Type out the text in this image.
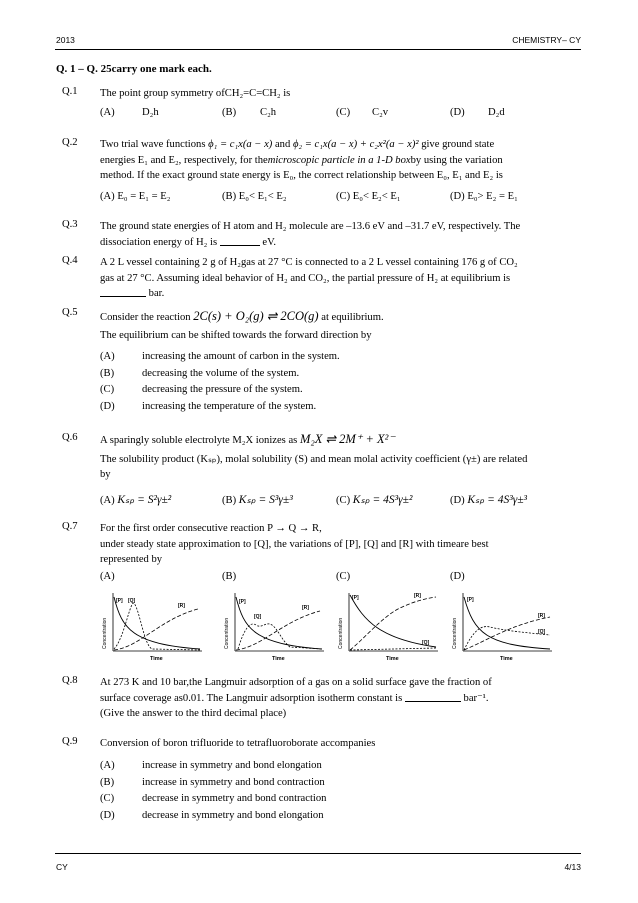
2013	CHEMISTRY– CY
Q. 1 – Q. 25carry one mark each.
Q.1 The point group symmetry ofCH₂=C=CH₂ is
(A)	D₂h	(B) C₂h	(C) C₂v	(D) D₂d
Q.2 Two trial wave functions ϕ₁ = c₁x(a − x) and ϕ₂ = c₁x(a − x) + c₂x²(a − x)² give ground state

energies E₁ and E₂, respectively, for themicroscopic particle in a 1-D boxby using the variation

method. If the exact ground state energy is E₀, the correct relationship between E₀, E₁ and E₂ is

(A) E₀ = E₁ = E₂	(B) E₀< E₁< E₂	(C) E₀< E₂< E₁	(D) E₀> E₂ = E₁
Q.3 The ground state energies of H atom and H₂ molecule are –13.6 eV and –31.7 eV, respectively. The

dissociation energy of H₂ is	eV.

Q.4 A 2 L vessel containing 2 g of H₂gas at 27 °C is connected to a 2 L vessel containing 176 g of CO₂

gas at 27 °C. Assuming ideal behavior of H₂ and CO₂, the partial pressure of H₂ at equilibrium is

bar.

Q.5 Consider the reaction 2C(s) + O₂(g) ⇌ 2CO(g) at equilibrium.

The equilibrium can be shifted towards the forward direction by

(A)	increasing the amount of carbon in the system.
(B)	decreasing the volume of the system.
(C)	decreasing the pressure of the system.
(D)	increasing the temperature of the system.
Q.6 A sparingly soluble electrolyte M₂X ionizes as M₂X ⇌ 2M⁺ + X²⁻

The solubility product (Kₛₚ), molal solubility (S) and mean molal activity coefficient (γ±) are related

by

(A) Kₛₚ = S²γ±²	(B) Kₛₚ = S³γ±³	(C) Kₛₚ = 4S³γ±²	(D) Kₛₚ = 4S³γ±³
Q.7 For the first order consecutive reaction P → Q → R,

under steady state approximation to [Q], the variations of [P], [Q] and [R] with timeare best

represented by

(A)	(B)	(C)	(D)
Concentration
Time
[P] [Q]
[R]
Concentration
Time
[P]
[Q]
[R]
Concentration
Time
[P]
[Q]
[R]
Concentration
Time
[P]
[Q]
[R]
Q.8 At 273 K and 10 bar,the Langmuir adsorption of a gas on a solid surface gave the fraction of

surface coverage as0.01. The Langmuir adsorption isotherm constant is	bar⁻¹.

(Give the answer to the third decimal place)

Q.9 Conversion of boron trifluoride to tetrafluoroborate accompanies
(A)	increase in symmetry and bond elongation
(B)	increase in symmetry and bond contraction
(C)	decrease in symmetry and bond contraction
(D)	decrease in symmetry and bond elongation
CY	4/13
